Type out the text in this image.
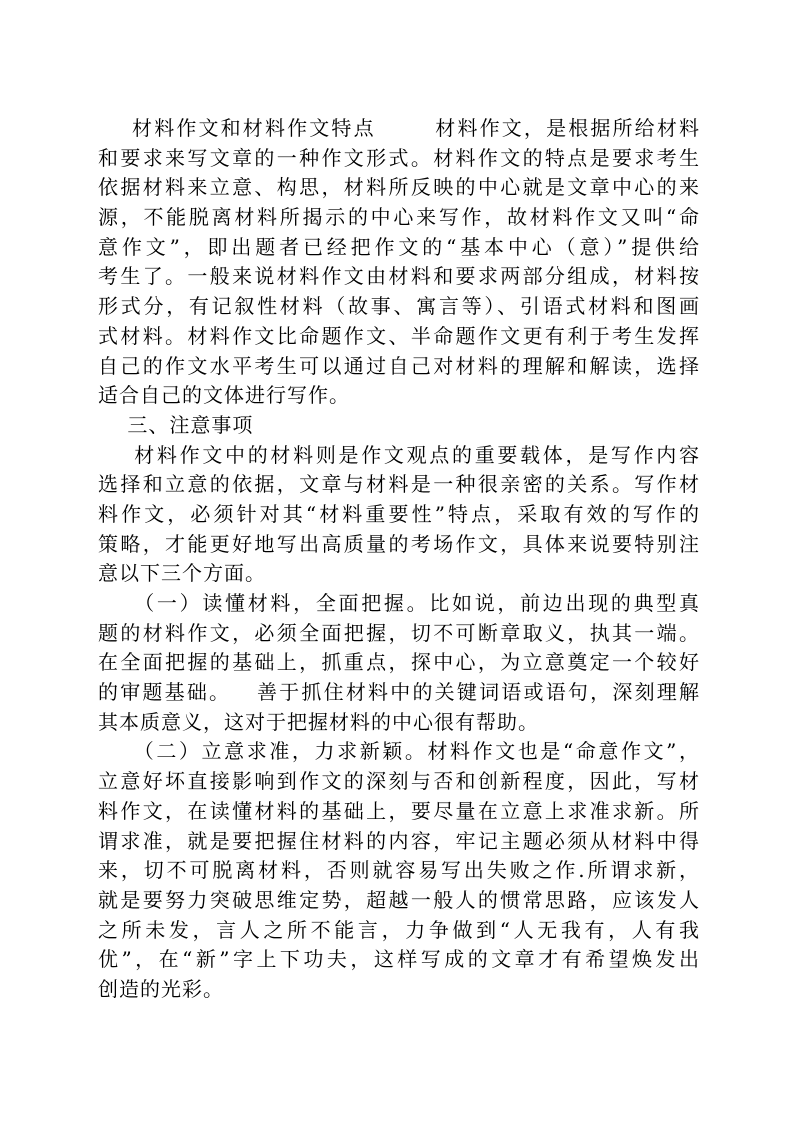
材料作文和材料作文特点       材料作文，是根据所给材料
和要求来写文章的一种作文形式。材料作文的特点是要求考生
依据材料来立意、构思，材料所反映的中心就是文章中心的来
源，不能脱离材料所揭示的中心来写作，故材料作文又叫“命
意作文”，即出题者已经把作文的“基本中心（意）”提供给
考生了。一般来说材料作文由材料和要求两部分组成，材料按
形式分，有记叙性材料（故事、寓言等）、引语式材料和图画
式材料。材料作文比命题作文、半命题作文更有利于考生发挥
自己的作文水平考生可以通过自己对材料的理解和解读，选择
适合自己的文体进行写作。
三、注意事项
材料作文中的材料则是作文观点的重要载体，是写作内容
选择和立意的依据，文章与材料是一种很亲密的关系。写作材
料作文，必须针对其“材料重要性”特点，采取有效的写作的
策略，才能更好地写出高质量的考场作文，具体来说要特别注
意以下三个方面。
（一）读懂材料，全面把握。比如说，前边出现的典型真
题的材料作文，必须全面把握，切不可断章取义，执其一端。
在全面把握的基础上，抓重点，探中心，为立意奠定一个较好
的审题基础。   善于抓住材料中的关键词语或语句，深刻理解
其本质意义，这对于把握材料的中心很有帮助。
（二）立意求准，力求新颖。材料作文也是“命意作文”，
立意好坏直接影响到作文的深刻与否和创新程度，因此，写材
料作文，在读懂材料的基础上，要尽量在立意上求准求新。所
谓求准，就是要把握住材料的内容，牢记主题必须从材料中得
来，切不可脱离材料，否则就容易写出失败之作.所谓求新，
就是要努力突破思维定势，超越一般人的惯常思路，应该发人
之所未发，言人之所不能言，力争做到“人无我有，人有我
优”，在“新”字上下功夫，这样写成的文章才有希望焕发出
创造的光彩。
